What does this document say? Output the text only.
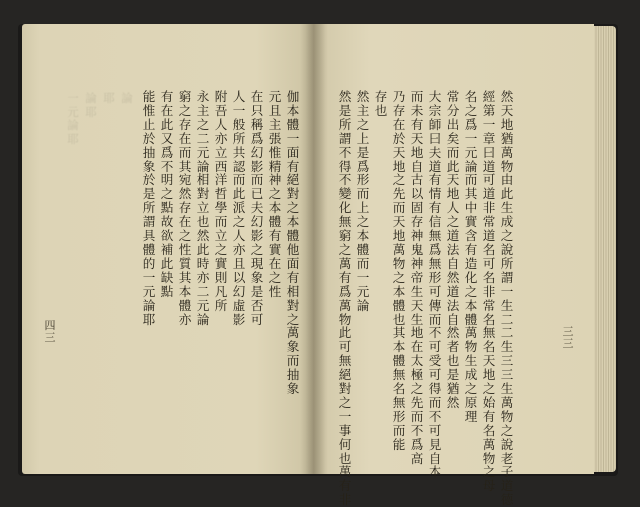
一元論耶
論耶
耶 論 能惟止於抽象於是所謂具體的一元論耶
有在此又爲不明之點故欲補此缺點
窮之存在而其宛然存在之性質其本體亦
永主之二元論相對立也然此時亦二元論
附吾人亦立西洋哲學而立之實則凡所
人一般所共認而此派之人亦且以幻虛影
在只稱爲幻影而已夫幻影之現象是否可
元且主張惟精神之本體有實在之性
伽本體一面有絕對之本體他面有相對之萬象而抽象
四三
然是所謂不得不變化無窮之萬有爲萬物此可無絕對之一事何也萬有非
然主之上是爲形而上之本體而一元論
存也
乃存在於天地之先而天地萬物之本體也其本體無名無形而能
而未有天地自古以固存神鬼神帝生天生地在太極之先而不爲高
大宗師曰夫道有情有信無爲無形可傳而不可受可得而不可見自本
常分出矣而此天地人之道法自然道法自然者也是猶然
名之爲一元論而其中實含有造化之本體萬物生成之原理
經第一章曰道可道非常道名可名非常名無名天地之始有名萬物之母
然天地猶萬物由此生成之說所謂一生二二生三三生萬物之說老子道德
三三
